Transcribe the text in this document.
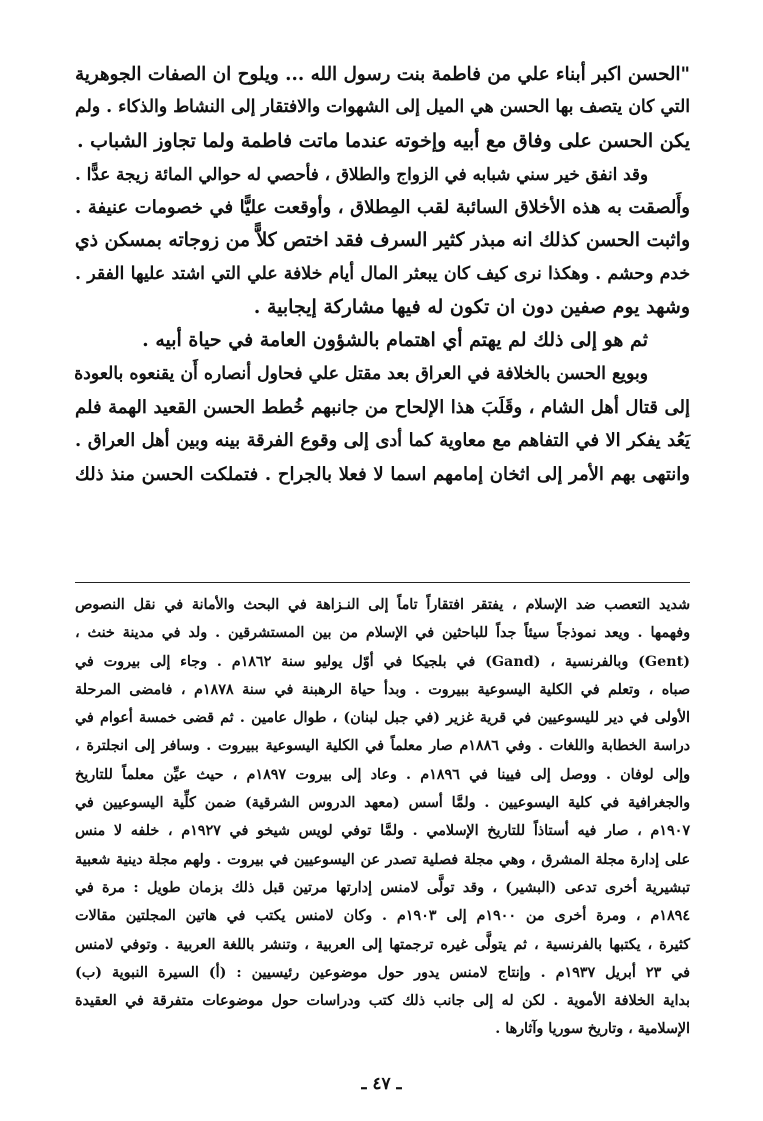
"الحسن اكبر أبناء علي من فاطمة بنت رسول الله ... ويلوح ان الصفات الجوهرية
التي كان يتصف بها الحسن هي الميل إلى الشهوات والافتقار إلى النشاط والذكاء . ولم
يكن الحسن على وفاق مع أبيه وإخوته عندما ماتت فاطمة ولما تجاوز الشباب .
وقد انفق خير سني شبابه في الزواج والطلاق ، فأحصي له حوالي المائة زيجة عدًّا .
وأَلصقت به هذه الأخلاق السائبة لقب المِطلاق ، وأوقعت عليًّا في خصومات عنيفة .
واثبت الحسن كذلك انه مبذر كثير السرف فقد اختص كلاًّ من زوجاته بمسكن ذي
خدم وحشم . وهكذا نرى كيف كان يبعثر المال أيام خلافة علي التي اشتد عليها الفقر .
وشهد يوم صفين دون ان تكون له فيها مشاركة إيجابية .
ثم هو إلى ذلك لم يهتم أي اهتمام بالشؤون العامة في حياة أبيه .
وبويع الحسن بالخلافة في العراق بعد مقتل علي فحاول أنصاره أَن يقنعوه بالعودة
إلى قتال أهل الشام ، وقَلَبَ هذا الإلحاح من جانبهم خُطط الحسن القعيد الهمة فلم
يَعُد يفكر الا في التفاهم مع معاوية كما أدى إلى وقوع الفرقة بينه وبين أهل العراق .
وانتهى بهم الأمر إلى اثخان إمامهم اسما لا فعلا بالجراح . فتملكت الحسن منذ ذلك
شديد التعصب ضد الإسلام ، يفتقر افتقاراً تاماً إلى النـزاهة في البحث والأمانة في نقل النصوص
وفهمها . ويعد نموذجاً سيئاً جداً للباحثين في الإسلام من بين المستشرقين . ولد في مدينة خنث ،
(Gent) وبالفرنسية ، (Gand) في بلجيكا في أوّل يوليو سنة ١٨٦٢م . وجاء إلى بيروت في
صباه ، وتعلم في الكلية اليسوعية ببيروت . وبدأ حياة الرهبنة في سنة ١٨٧٨م ، فامضى المرحلة
الأولى في دير لليسوعيين في قرية غزير (في جبل لبنان) ، طوال عامين . ثم قضى خمسة أعوام في
دراسة الخطابة واللغات . وفي ١٨٨٦م صار معلماً في الكلية اليسوعية ببيروت . وسافر إلى انجلترة ،
وإلى لوفان . ووصل إلى فيينا في ١٨٩٦م . وعاد إلى بيروت ١٨٩٧م ، حيث عيِّن معلماً للتاريخ
والجغرافية في كلية اليسوعيين . ولمَّا أسس (معهد الدروس الشرقية) ضمن كلِّية اليسوعيين في
١٩٠٧م ، صار فيه أستاذاً للتاريخ الإسلامي . ولمَّا توفي لويس شيخو في ١٩٢٧م ، خلفه لا منس
على إدارة مجلة المشرق ، وهي مجلة فصلية تصدر عن اليسوعيين في بيروت . ولهم مجلة دينية شعبية
تبشيرية أخرى تدعى (البشير) ، وقد تولَّى لامنس إدارتها مرتين قبل ذلك بزمان طويل : مرة في
١٨٩٤م ، ومرة أخرى من ١٩٠٠م إلى ١٩٠٣م . وكان لامنس يكتب في هاتين المجلتين مقالات
كثيرة ، يكتبها بالفرنسية ، ثم يتولَّى غيره ترجمتها إلى العربية ، وتنشر باللغة العربية . وتوفي لامنس
في ٢٣ أبريل ١٩٣٧م . وإنتاج لامنس يدور حول موضوعين رئيسيين : (أ) السيرة النبوية (ب)
بداية الخلافة الأموية . لكن له إلى جانب ذلك كتب ودراسات حول موضوعات متفرقة في العقيدة
الإسلامية ، وتاريخ سوريا وآثارها .
ـ ٤٧ ـ
